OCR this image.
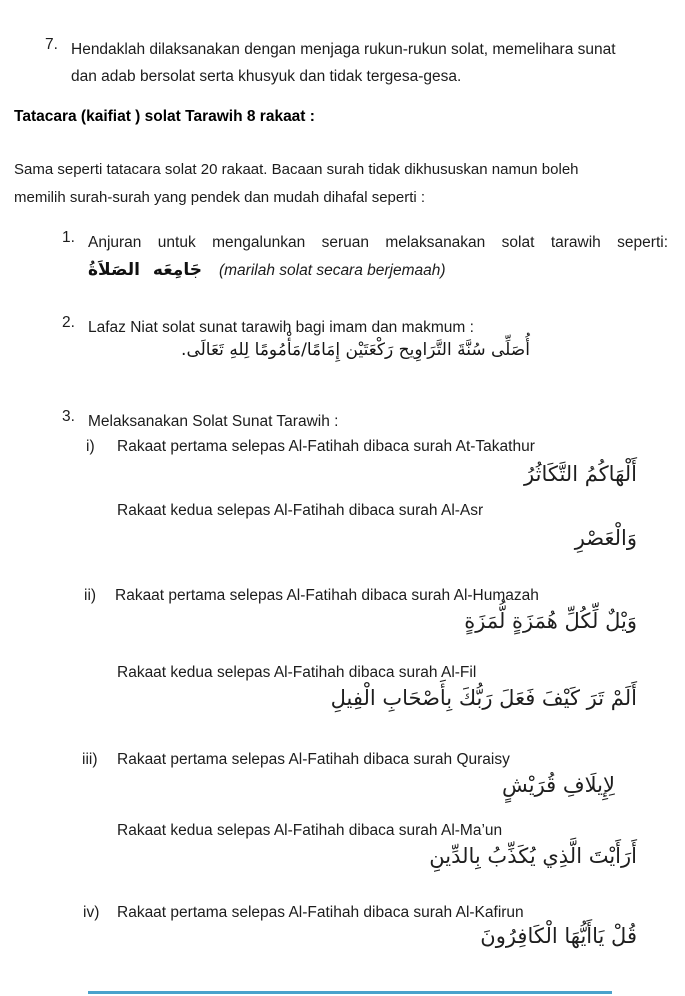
7. Hendaklah dilaksanakan dengan menjaga rukun-rukun solat, memelihara sunat dan adab bersolat serta khusyuk dan tidak tergesa-gesa.
Tatacara (kaifiat ) solat Tarawih 8 rakaat :
Sama seperti tatacara solat 20 rakaat. Bacaan surah tidak dikhususkan namun boleh memilih surah-surah yang pendek dan mudah dihafal seperti :
1. Anjuran untuk mengalunkan seruan melaksanakan solat tarawih seperti:
الصَلاَةُ جَامِعَه (marilah solat secara berjemaah)
2. Lafaz Niat solat sunat tarawih bagi imam dan makmum :
أُصَلِّى سُنَّةَ التَّرَاوِيح رَكْعَتَيْن إِمَامًا/مَأْمُومًا لِلهِ تَعَالَى.
3. Melaksanakan Solat Sunat Tarawih :
i)	Rakaat pertama selepas Al-Fatihah dibaca surah At-Takathur
أَلْهَاكُمُ التَّكَاثُرُ
Rakaat kedua selepas Al-Fatihah dibaca surah Al-Asr
وَالْعَصْرِ
ii)	Rakaat pertama selepas Al-Fatihah dibaca surah Al-Humazah
وَيْلٌ لِّكُلِّ هُمَزَةٍ لُّمَزَةٍ
Rakaat kedua selepas Al-Fatihah dibaca surah Al-Fil
أَلَمْ تَرَ كَيْفَ فَعَلَ رَبُّكَ بِأَصْحَابِ الْفِيلِ
iii)	Rakaat pertama selepas Al-Fatihah dibaca surah Quraisy
لِإِيلَافِ قُرَيْشٍ
Rakaat kedua selepas Al-Fatihah dibaca surah Al-Ma’un
أَرَأَيْتَ الَّذِي يُكَذِّبُ بِالدِّينِ
iv)	Rakaat pertama selepas Al-Fatihah dibaca surah Al-Kafirun
قُلْ يَاأَيُّهَا الْكَافِرُونَ
